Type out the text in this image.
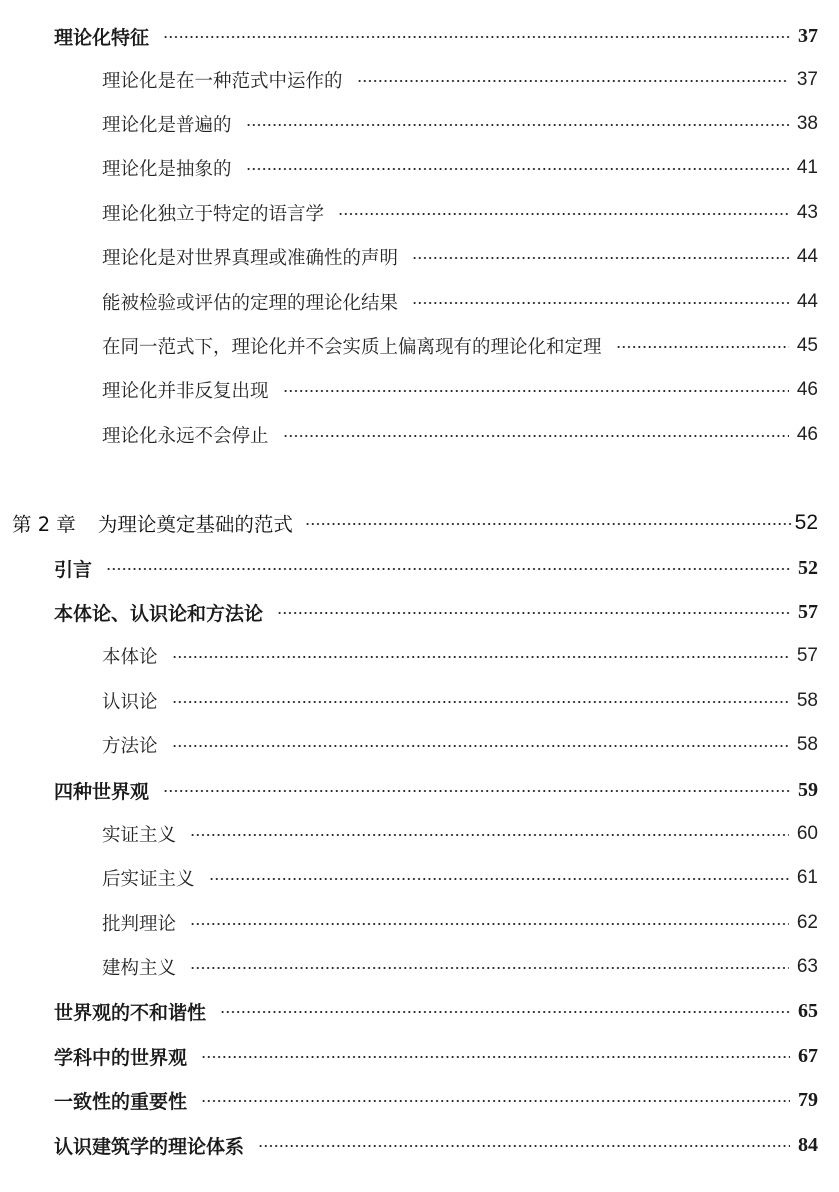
理论化特征	37
理论化是在一种范式中运作的	37
理论化是普遍的	38
理论化是抽象的	41
理论化独立于特定的语言学	43
理论化是对世界真理或准确性的声明	44
能被检验或评估的定理的理论化结果	44
在同一范式下，理论化并不会实质上偏离现有的理论化和定理	45
理论化并非反复出现	46
理论化永远不会停止	46
第 2 章 为理论奠定基础的范式	52
引言	52
本体论、认识论和方法论	57
本体论	57
认识论	58
方法论	58
四种世界观	59
实证主义	60
后实证主义	61
批判理论	62
建构主义	63
世界观的不和谐性	65
学科中的世界观	67
一致性的重要性	79
认识建筑学的理论体系	84
